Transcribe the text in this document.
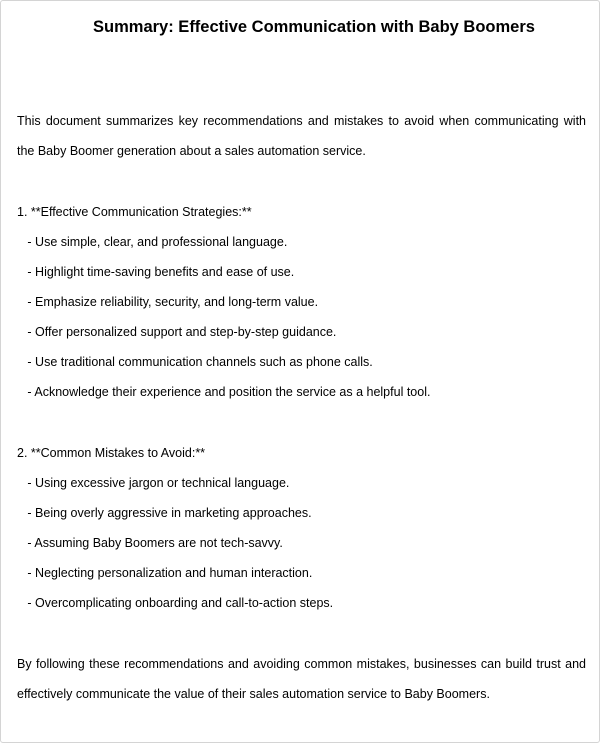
Summary: Effective Communication with Baby Boomers

This document summarizes key recommendations and mistakes to avoid when communicating with the Baby Boomer generation about a sales automation service.

1. **Effective Communication Strategies:**

- Use simple, clear, and professional language.
- Highlight time-saving benefits and ease of use.
- Emphasize reliability, security, and long-term value.
- Offer personalized support and step-by-step guidance.
- Use traditional communication channels such as phone calls.
- Acknowledge their experience and position the service as a helpful tool.

2. **Common Mistakes to Avoid:**

- Using excessive jargon or technical language.
- Being overly aggressive in marketing approaches.
- Assuming Baby Boomers are not tech-savvy.
- Neglecting personalization and human interaction.
- Overcomplicating onboarding and call-to-action steps.

By following these recommendations and avoiding common mistakes, businesses can build trust and effectively communicate the value of their sales automation service to Baby Boomers.
